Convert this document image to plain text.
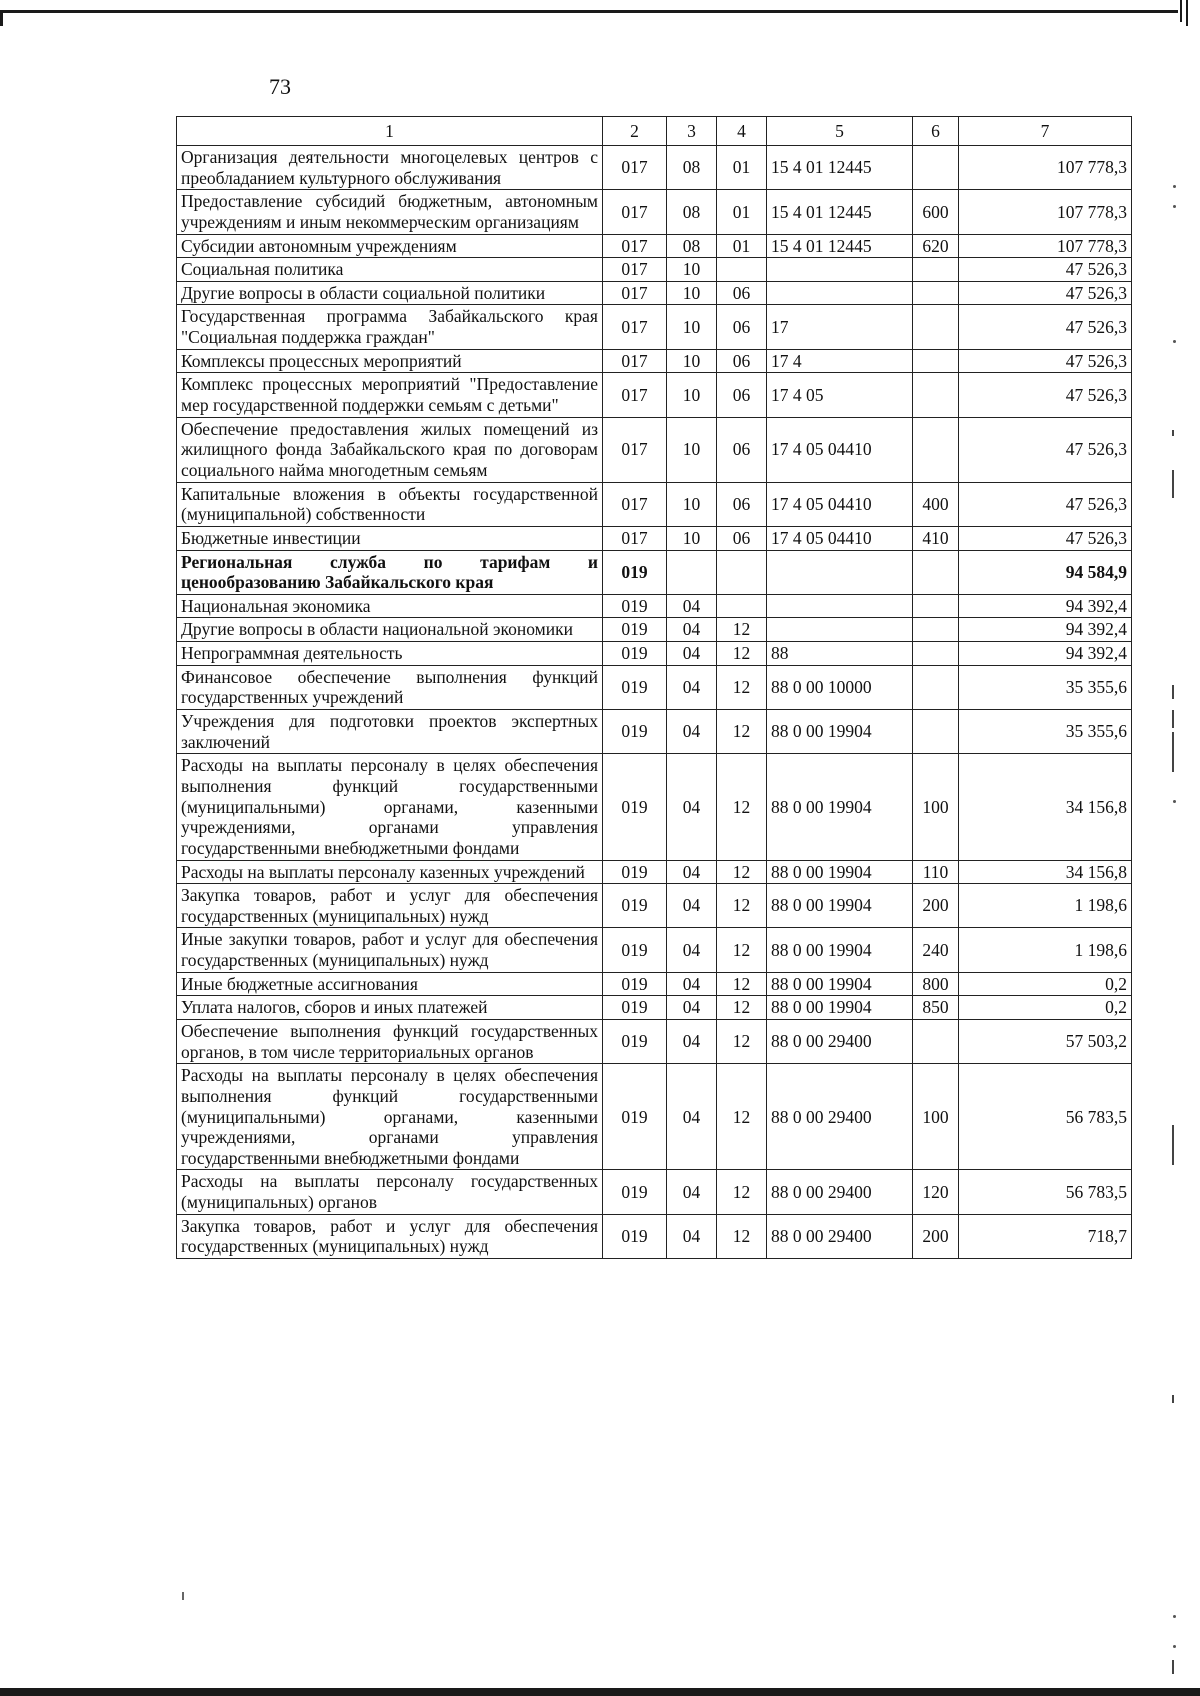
73
1	2	3	4	5	6	7
Организация деятельности многоцелевых центров с преобладанием культурного обслуживания	017	08	01	15 4 01 12445		107 778,3
Предоставление субсидий бюджетным, автономным учреждениям и иным некоммерческим организациям	017	08	01	15 4 01 12445	600	107 778,3
Субсидии автономным учреждениям	017	08	01	15 4 01 12445	620	107 778,3
Социальная политика	017	10				47 526,3
Другие вопросы в области социальной политики	017	10	06			47 526,3
Государственная программа Забайкальского края "Социальная поддержка граждан"	017	10	06	17		47 526,3
Комплексы процессных мероприятий	017	10	06	17 4		47 526,3
Комплекс процессных мероприятий "Предоставление мер государственной поддержки семьям с детьми"	017	10	06	17 4 05		47 526,3
Обеспечение предоставления жилых помещений из жилищного фонда Забайкальского края по договорам социального найма многодетным семьям	017	10	06	17 4 05 04410		47 526,3
Капитальные вложения в объекты государственной (муниципальной) собственности	017	10	06	17 4 05 04410	400	47 526,3
Бюджетные инвестиции	017	10	06	17 4 05 04410	410	47 526,3
Региональная служба по тарифам и ценообразованию Забайкальского края	019					94 584,9
Национальная экономика	019	04				94 392,4
Другие вопросы в области национальной экономики	019	04	12			94 392,4
Непрограммная деятельность	019	04	12	88		94 392,4
Финансовое обеспечение выполнения функций государственных учреждений	019	04	12	88 0 00 10000		35 355,6
Учреждения для подготовки проектов экспертных заключений	019	04	12	88 0 00 19904		35 355,6
Расходы на выплаты персоналу в целях обеспечения выполнения функций государственными (муниципальными) органами, казенными учреждениями, органами управления государственными внебюджетными фондами	019	04	12	88 0 00 19904	100	34 156,8
Расходы на выплаты персоналу казенных учреждений	019	04	12	88 0 00 19904	110	34 156,8
Закупка товаров, работ и услуг для обеспечения государственных (муниципальных) нужд	019	04	12	88 0 00 19904	200	1 198,6
Иные закупки товаров, работ и услуг для обеспечения государственных (муниципальных) нужд	019	04	12	88 0 00 19904	240	1 198,6
Иные бюджетные ассигнования	019	04	12	88 0 00 19904	800	0,2
Уплата налогов, сборов и иных платежей	019	04	12	88 0 00 19904	850	0,2
Обеспечение выполнения функций государственных органов, в том числе территориальных органов	019	04	12	88 0 00 29400		57 503,2
Расходы на выплаты персоналу в целях обеспечения выполнения функций государственными (муниципальными) органами, казенными учреждениями, органами управления государственными внебюджетными фондами	019	04	12	88 0 00 29400	100	56 783,5
Расходы на выплаты персоналу государственных (муниципальных) органов	019	04	12	88 0 00 29400	120	56 783,5
Закупка товаров, работ и услуг для обеспечения государственных (муниципальных) нужд	019	04	12	88 0 00 29400	200	718,7
